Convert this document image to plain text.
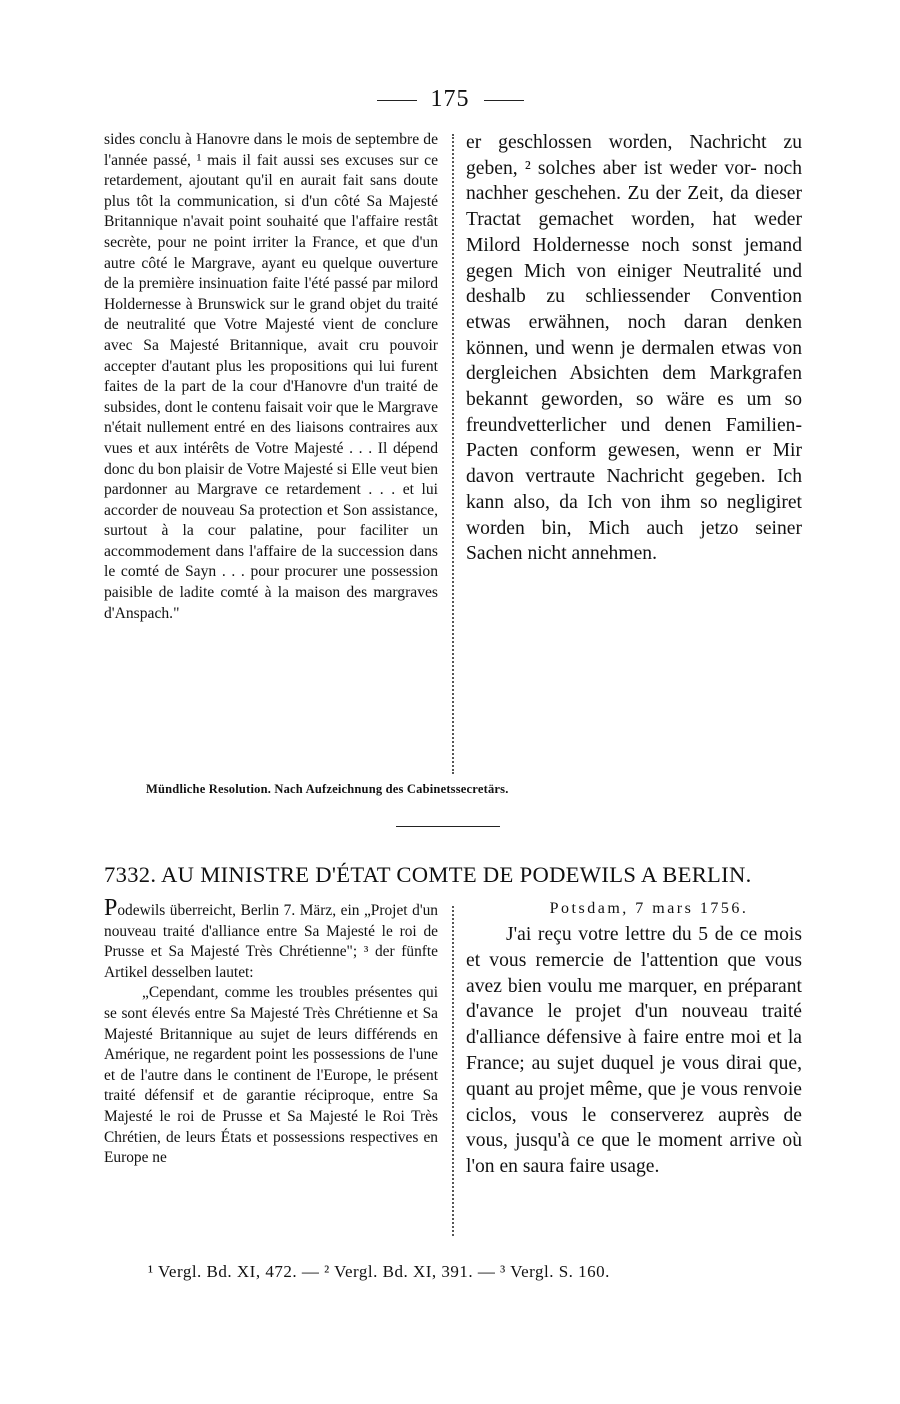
175

sides conclu à Hanovre dans le mois de septembre de l'année passé, ¹ mais il fait aussi ses excuses sur ce retardement, ajoutant qu'il en aurait fait sans doute plus tôt la communication, si d'un côté Sa Majesté Britannique n'avait point souhaité que l'affaire restât secrète, pour ne point irriter la France, et que d'un autre côté le Margrave, ayant eu quelque ouverture de la première insinuation faite l'été passé par milord Holdernesse à Brunswick sur le grand objet du traité de neutralité que Votre Majesté vient de conclure avec Sa Majesté Britannique, avait cru pouvoir accepter d'autant plus les propositions qui lui furent faites de la part de la cour d'Hanovre d'un traité de subsides, dont le contenu faisait voir que le Margrave n'était nullement entré en des liaisons contraires aux vues et aux intérêts de Votre Majesté . . . Il dépend donc du bon plaisir de Votre Majesté si Elle veut bien pardonner au Margrave ce retardement . . . et lui accorder de nouveau Sa protection et Son assistance, surtout à la cour palatine, pour faciliter un accommodement dans l'affaire de la succession dans le comté de Sayn . . . pour procurer une possession paisible de ladite comté à la maison des margraves d'Anspach."

er geschlossen worden, Nachricht zu geben, ² solches aber ist weder vor- noch nachher geschehen. Zu der Zeit, da dieser Tractat gemachet worden, hat weder Milord Holdernesse noch sonst jemand gegen Mich von einiger Neutralité und deshalb zu schliessender Convention etwas erwähnen, noch daran denken können, und wenn je dermalen etwas von dergleichen Absichten dem Markgrafen bekannt geworden, so wäre es um so freundvetterlicher und denen Familien-Pacten conform gewesen, wenn er Mir davon vertraute Nachricht gegeben. Ich kann also, da Ich von ihm so negligiret worden bin, Mich auch jetzo seiner Sachen nicht annehmen.

Mündliche Resolution. Nach Aufzeichnung des Cabinetssecretärs.
7332. AU MINISTRE D'ÉTAT COMTE DE PODEWILS A BERLIN.

Podewils überreicht, Berlin 7. März, ein „Projet d'un nouveau traité d'alliance entre Sa Majesté le roi de Prusse et Sa Majesté Très Chrétienne"; ³ der fünfte Artikel desselben lautet:

„Cependant, comme les troubles présentes qui se sont élevés entre Sa Majesté Très Chrétienne et Sa Majesté Britannique au sujet de leurs différends en Amérique, ne regardent point les possessions de l'une et de l'autre dans le continent de l'Europe, le présent traité défensif et de garantie réciproque, entre Sa Majesté le roi de Prusse et Sa Majesté le Roi Très Chrétien, de leurs États et possessions respectives en Europe ne

Potsdam, 7 mars 1756.

J'ai reçu votre lettre du 5 de ce mois et vous remercie de l'attention que vous avez bien voulu me marquer, en préparant d'avance le projet d'un nouveau traité d'alliance défensive à faire entre moi et la France; au sujet duquel je vous dirai que, quant au projet même, que je vous renvoie ciclos, vous le conserverez auprès de vous, jusqu'à ce que le moment arrive où l'on en saura faire usage.

¹ Vergl. Bd. XI, 472. — ² Vergl. Bd. XI, 391. — ³ Vergl. S. 160.
